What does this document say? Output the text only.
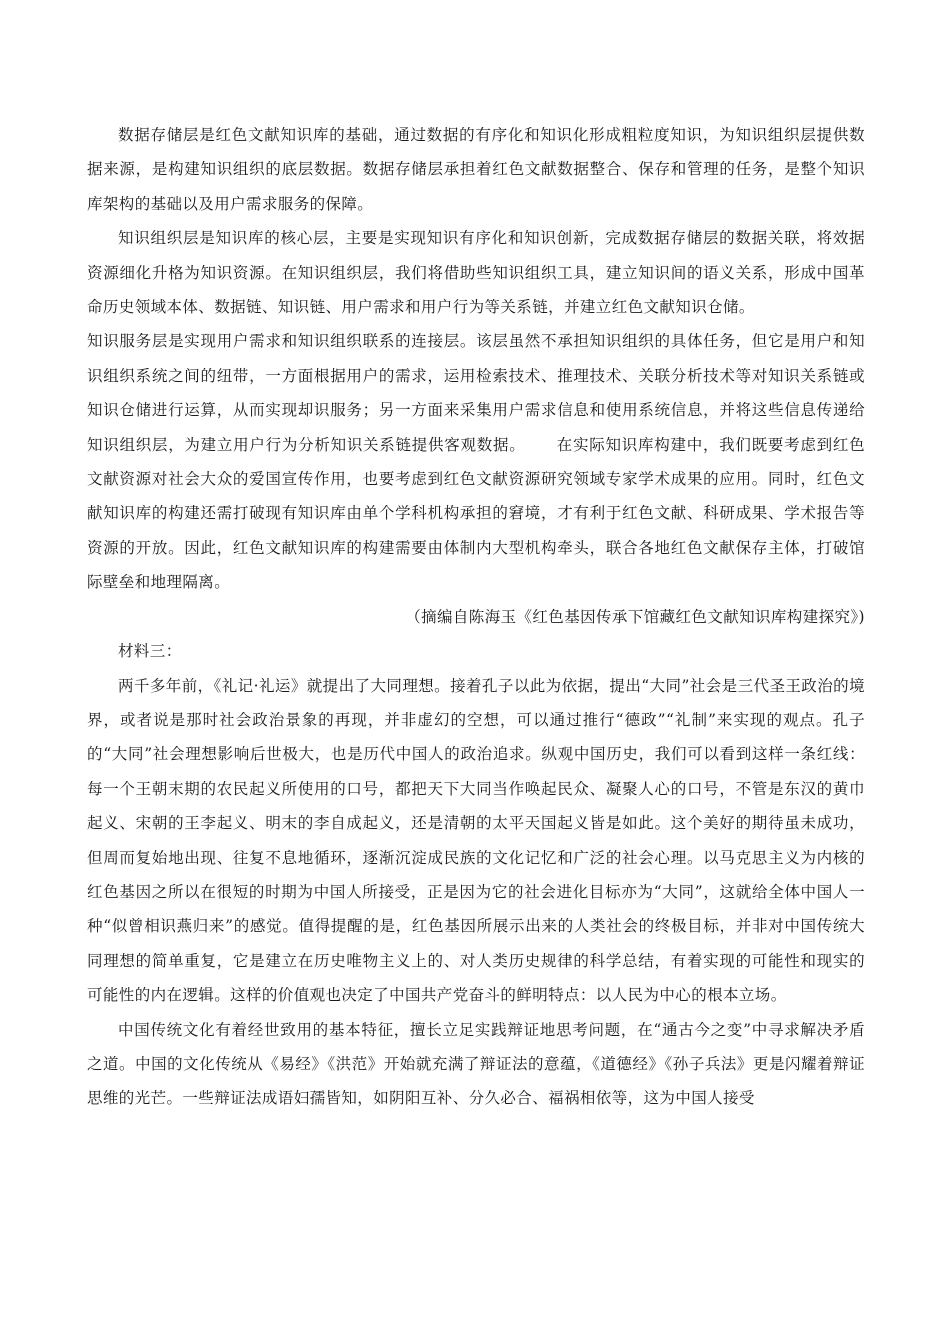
数据存储层是红色文献知识库的基础，通过数据的有序化和知识化形成粗粒度知识，为知识组织层提供数据来源，是构建知识组织的底层数据。数据存储层承担着红色文献数据整合、保存和管理的任务，是整个知识库架构的基础以及用户需求服务的保障。

知识组织层是知识库的核心层，主要是实现知识有序化和知识创新，完成数据存储层的数据关联，将效据资源细化升格为知识资源。在知识组织层，我们将借助些知识组织工具，建立知识间的语义关系，形成中国革命历史领域本体、数据链、知识链、用户需求和用户行为等关系链，并建立红色文献知识仓储。

知识服务层是实现用户需求和知识组织联系的连接层。该层虽然不承担知识组织的具体任务，但它是用户和知识组织系统之间的纽带，一方面根据用户的需求，运用检索技术、推理技术、关联分析技术等对知识关系链或知识仓储进行运算，从而实现却识服务；另一方面来采集用户需求信息和使用系统信息，并将这些信息传递给知识组织层，为建立用户行为分析知识关系链提供客观数据。 在实际知识库构建中，我们既要考虑到红色文献资源对社会大众的爱国宣传作用，也要考虑到红色文献资源研究领域专家学术成果的应用。同时，红色文献知识库的构建还需打破现有知识库由单个学科机构承担的窘境，才有利于红色文献、科研成果、学术报告等资源的开放。因此，红色文献知识库的构建需要由体制内大型机构牵头，联合各地红色文献保存主体，打破馆际壁垒和地理隔离。

（摘编自陈海玉《红色基因传承下馆藏红色文献知识库构建探究》)

材料三：

两千多年前，《礼记·礼运》就提出了大同理想。接着孔子以此为依据，提出“大同”社会是三代圣王政治的境界，或者说是那时社会政治景象的再现，并非虚幻的空想，可以通过推行“德政”“礼制”来实现的观点。孔子的“大同”社会理想影响后世极大，也是历代中国人的政治追求。纵观中国历史，我们可以看到这样一条红线：每一个王朝末期的农民起义所使用的口号，都把天下大同当作唤起民众、凝聚人心的口号，不管是东汉的黄巾起义、宋朝的王李起义、明末的李自成起义，还是清朝的太平天国起义皆是如此。这个美好的期待虽未成功，但周而复始地出现、往复不息地循环，逐渐沉淀成民族的文化记忆和广泛的社会心理。以马克思主义为内核的红色基因之所以在很短的时期为中国人所接受，正是因为它的社会进化目标亦为“大同”，这就给全体中国人一种“似曾相识燕归来”的感觉。值得提醒的是，红色基因所展示出来的人类社会的终极目标，并非对中国传统大同理想的简单重复，它是建立在历史唯物主义上的、对人类历史规律的科学总结，有着实现的可能性和现实的可能性的内在逻辑。这样的价值观也决定了中国共产党奋斗的鲜明特点：以人民为中心的根本立场。

中国传统文化有着经世致用的基本特征，擅长立足实践辩证地思考问题，在“通古今之变”中寻求解决矛盾之道。中国的文化传统从《易经》《洪范》开始就充满了辩证法的意蕴，《道德经》《孙子兵法》更是闪耀着辩证思维的光芒。一些辩证法成语妇孺皆知，如阴阳互补、分久必合、福祸相依等，这为中国人接受
